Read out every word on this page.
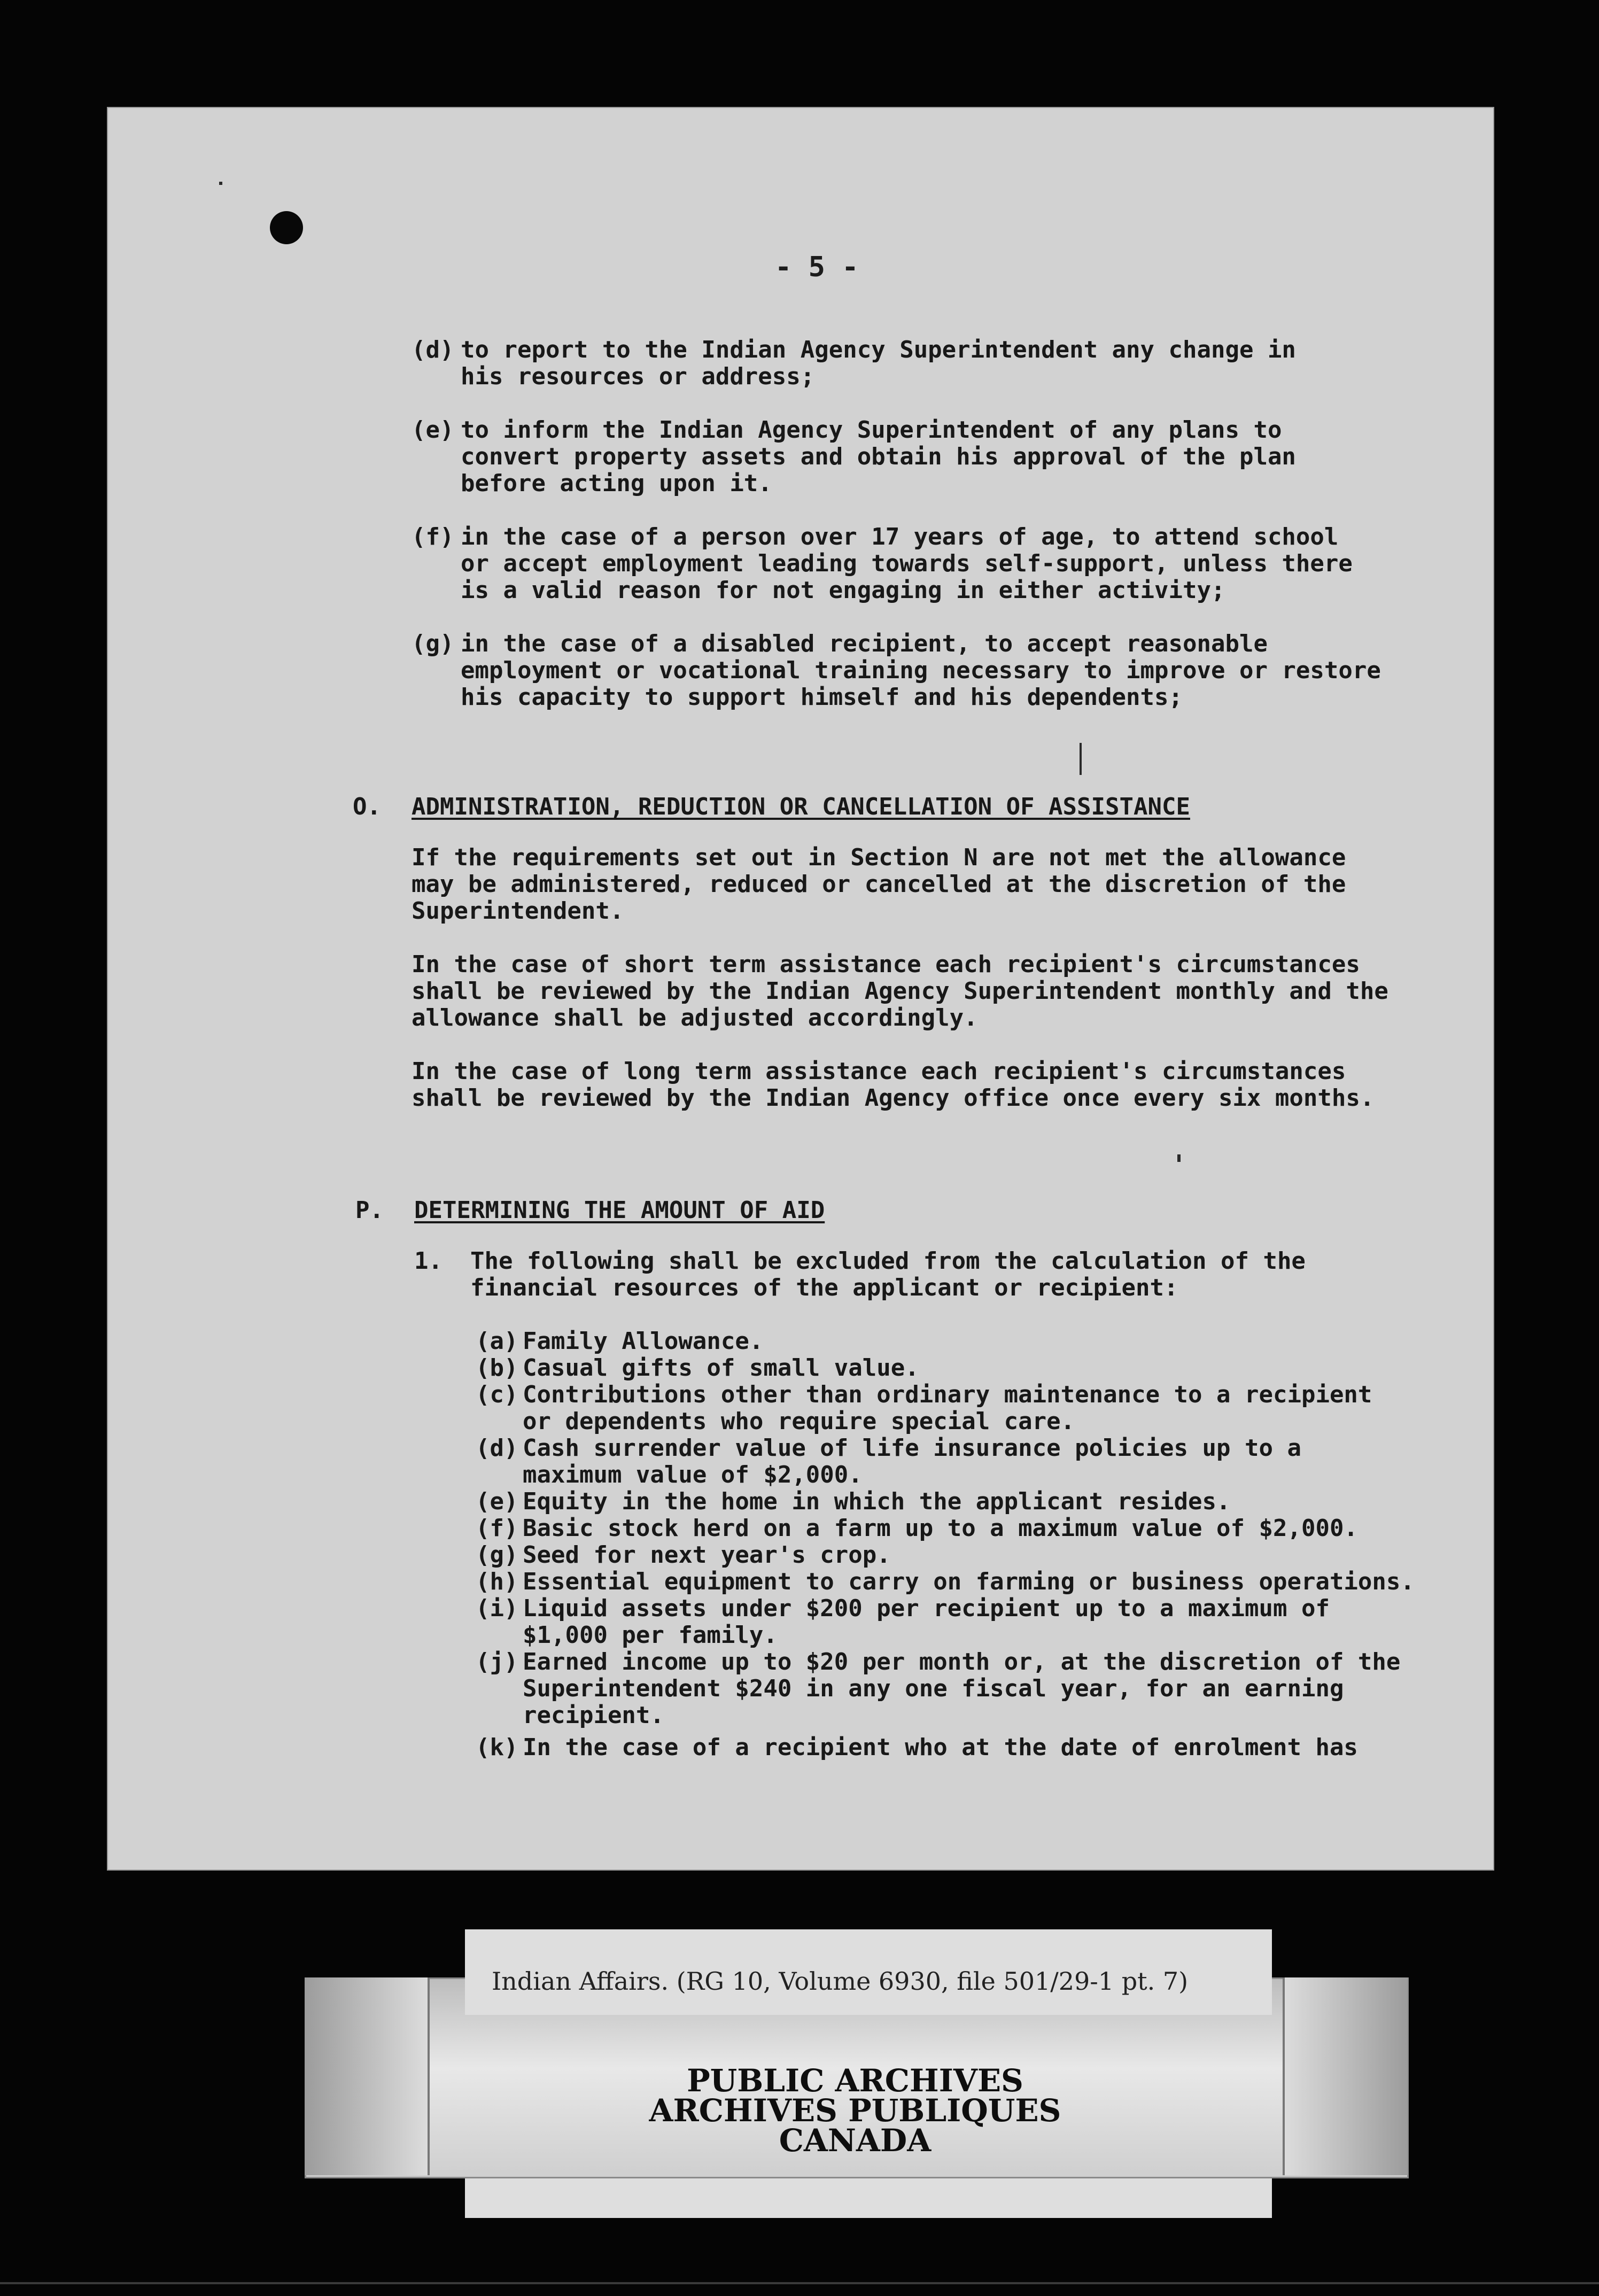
- 5 -
(d) to report to the Indian Agency Superintendent any change in
his resources or address;
(e) to inform the Indian Agency Superintendent of any plans to
convert property assets and obtain his approval of the plan
before acting upon it.
(f) in the case of a person over 17 years of age, to attend school
or accept employment leading towards self-support, unless there
is a valid reason for not engaging in either activity;
(g) in the case of a disabled recipient, to accept reasonable
employment or vocational training necessary to improve or restore
his capacity to support himself and his dependents;
O. ADMINISTRATION, REDUCTION OR CANCELLATION OF ASSISTANCE
If the requirements set out in Section N are not met the allowance
may be administered, reduced or cancelled at the discretion of the
Superintendent.
In the case of short term assistance each recipient's circumstances
shall be reviewed by the Indian Agency Superintendent monthly and the
allowance shall be adjusted accordingly.
In the case of long term assistance each recipient's circumstances
shall be reviewed by the Indian Agency office once every six months.
P. DETERMINING THE AMOUNT OF AID
1. The following shall be excluded from the calculation of the
financial resources of the applicant or recipient:
(a) Family Allowance.
(b) Casual gifts of small value.
(c) Contributions other than ordinary maintenance to a recipient
or dependents who require special care.
(d) Cash surrender value of life insurance policies up to a
maximum value of $2,000.
(e) Equity in the home in which the applicant resides.
(f) Basic stock herd on a farm up to a maximum value of $2,000.
(g) Seed for next year's crop.
(h) Essential equipment to carry on farming or business operations.
(i) Liquid assets under $200 per recipient up to a maximum of
$1,000 per family.
(j) Earned income up to $20 per month or, at the discretion of the
Superintendent $240 in any one fiscal year, for an earning
recipient.
(k) In the case of a recipient who at the date of enrolment has
Indian Affairs. (RG 10, Volume 6930, file 501/29-1 pt. 7)
PUBLIC ARCHIVES
ARCHIVES PUBLIQUES
CANADA
